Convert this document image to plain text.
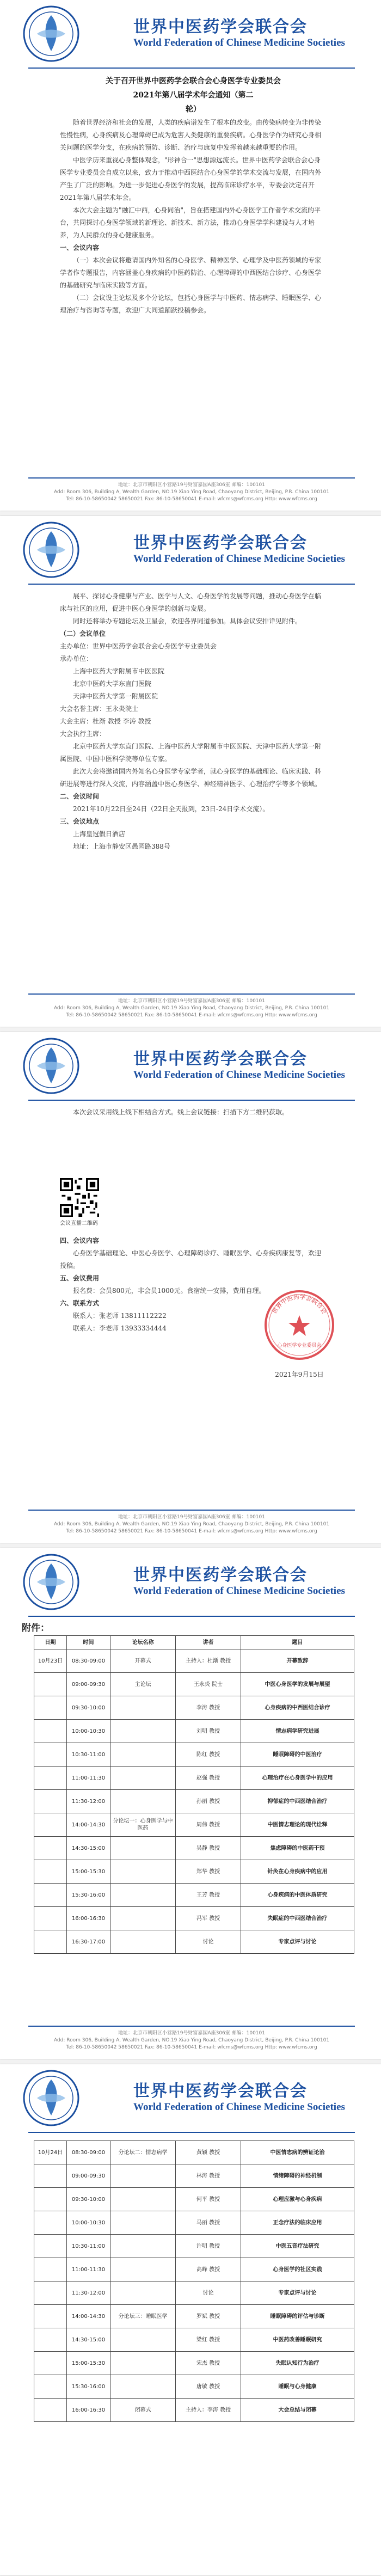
世界中医药学会联合会
World Federation of Chinese Medicine Societies

关于召开世界中医药学会联合会心身医学专业委员会

2021年第八届学术年会通知（第二

轮）

随着世界经济和社会的发展，人类的疾病谱发生了根本的改变。由传染病转变为非传染性慢性病，心身疾病及心理障碍已成为危害人类健康的重要疾病。心身医学作为研究心身相关问题的医学分支，在疾病的预防、诊断、治疗与康复中发挥着越来越重要的作用。

中医学历来重视心身整体观念，"形神合一"思想源远流长。世界中医药学会联合会心身医学专业委员会自成立以来，致力于推动中西医结合心身医学的学术交流与发展，在国内外产生了广泛的影响。为进一步促进心身医学的发展，提高临床诊疗水平，专委会决定召开2021年第八届学术年会。

本次大会主题为"融汇中西，心身同治"，旨在搭建国内外心身医学工作者学术交流的平台，共同探讨心身医学领域的新理论、新技术、新方法，推动心身医学学科建设与人才培养，为人民群众的身心健康服务。

一、会议内容

（一）本次会议将邀请国内外知名的心身医学、精神医学、心理学及中医药领域的专家学者作专题报告，内容涵盖心身疾病的中医药防治、心理障碍的中西医结合诊疗、心身医学的基础研究与临床实践等方面。

（二）会议设主论坛及多个分论坛，包括心身医学与中医药、情志病学、睡眠医学、心理治疗与咨询等专题，欢迎广大同道踊跃投稿参会。

地址：北京市朝阳区小营路19号财富嘉园A座306室 邮编：100101
Add: Room 306, Building A, Wealth Garden, NO.19 Xiao Ying Road, Chaoyang District, Beijing, P.R. China 100101
Tel: 86-10-58650042 58650021 Fax: 86-10-58650041 E-mail: wfcms@wfcms.org Http: www.wfcms.org
世界中医药学会联合会
World Federation of Chinese Medicine Societies

展平、探讨心身健康与产业、医学与人文、心身医学的发展等问题，推动心身医学在临床与社区的应用，促进中医心身医学的创新与发展。

同时还将举办专题论坛及卫星会，欢迎各界同道参加。具体会议安排详见附件。

（二）会议单位

主办单位：世界中医药学会联合会心身医学专业委员会

承办单位：

上海中医药大学附属市中医医院

北京中医药大学东直门医院

天津中医药大学第一附属医院

大会名誉主席：王永炎院士

大会主席：杜渐 教授 李涛 教授

大会执行主席：

北京中医药大学东直门医院、上海中医药大学附属市中医医院、天津中医药大学第一附属医院、中国中医科学院等单位专家。

此次大会将邀请国内外知名心身医学专家学者，就心身医学的基础理论、临床实践、科研进展等进行深入交流，内容涵盖中医心身医学、神经精神医学、心理治疗学等多个领域。

二、会议时间

2021年10月22日至24日（22日全天报到，23日-24日学术交流）。

三、会议地点

上海皇冠假日酒店

地址：上海市静安区愚园路388号

地址：北京市朝阳区小营路19号财富嘉园A座306室 邮编：100101
Add: Room 306, Building A, Wealth Garden, NO.19 Xiao Ying Road, Chaoyang District, Beijing, P.R. China 100101
Tel: 86-10-58650042 58650021 Fax: 86-10-58650041 E-mail: wfcms@wfcms.org Http: www.wfcms.org
世界中医药学会联合会
World Federation of Chinese Medicine Societies

本次会议采用线上线下相结合方式。线上会议链接：扫描下方二维码获取。

会议直播二维码

四、会议内容

心身医学基础理论、中医心身医学、心理障碍诊疗、睡眠医学、心身疾病康复等，欢迎投稿。

五、会议费用

报名费：会员800元，非会员1000元。食宿统一安排，费用自理。

六、联系方式

联系人：张老师 13811112222

联系人：李老师 13933334444

世界中医药学会联合会
心身医学专业委员会

2021年9月15日

地址：北京市朝阳区小营路19号财富嘉园A座306室 邮编：100101
Add: Room 306, Building A, Wealth Garden, NO.19 Xiao Ying Road, Chaoyang District, Beijing, P.R. China 100101
Tel: 86-10-58650042 58650021 Fax: 86-10-58650041 E-mail: wfcms@wfcms.org Http: www.wfcms.org
世界中医药学会联合会
World Federation of Chinese Medicine Societies
附件：
日期	时间	论坛名称	讲者	题目
10月23日	08:30-09:00	开幕式	主持人：杜渐 教授	开幕致辞
	09:00-09:30	主论坛	王永炎 院士	中医心身医学的发展与展望
	09:30-10:00		李涛 教授	心身疾病的中西医结合诊疗
	10:00-10:30		刘明 教授	情志病学研究进展
	10:30-11:00		陈红 教授	睡眠障碍的中医治疗
	11:00-11:30		赵强 教授	心理治疗在心身医学中的应用
	11:30-12:00		孙丽 教授	抑郁症的中西医结合治疗
	14:00-14:30	分论坛一：心身医学与中医药	周伟 教授	中医情志理论的现代诠释
	14:30-15:00		吴静 教授	焦虑障碍的中医药干预
	15:00-15:30		郑华 教授	针灸在心身疾病中的应用
	15:30-16:00		王芳 教授	心身疾病的中医体质研究
	16:00-16:30		冯军 教授	失眠症的中西医结合治疗
	16:30-17:00		讨论	专家点评与讨论
地址：北京市朝阳区小营路19号财富嘉园A座306室 邮编：100101
Add: Room 306, Building A, Wealth Garden, NO.19 Xiao Ying Road, Chaoyang District, Beijing, P.R. China 100101
Tel: 86-10-58650042 58650021 Fax: 86-10-58650041 E-mail: wfcms@wfcms.org Http: www.wfcms.org
世界中医药学会联合会
World Federation of Chinese Medicine Societies
10月24日	08:30-09:00	分论坛二：情志病学	黄颖 教授	中医情志病的辨证论治
	09:00-09:30		林涛 教授	情绪障碍的神经机制
	09:30-10:00		何平 教授	心理应激与心身疾病
	10:00-10:30		马丽 教授	正念疗法的临床应用
	10:30-11:00		许明 教授	中医五音疗法研究
	11:00-11:30		高峰 教授	心身医学的社区实践
	11:30-12:00		讨论	专家点评与讨论
	14:00-14:30	分论坛三：睡眠医学	罗斌 教授	睡眠障碍的评估与诊断
	14:30-15:00		梁红 教授	中医药改善睡眠研究
	15:00-15:30		宋杰 教授	失眠认知行为治疗
	15:30-16:00		唐敏 教授	睡眠与心身健康
	16:00-16:30	闭幕式	主持人：李涛 教授	大会总结与闭幕
